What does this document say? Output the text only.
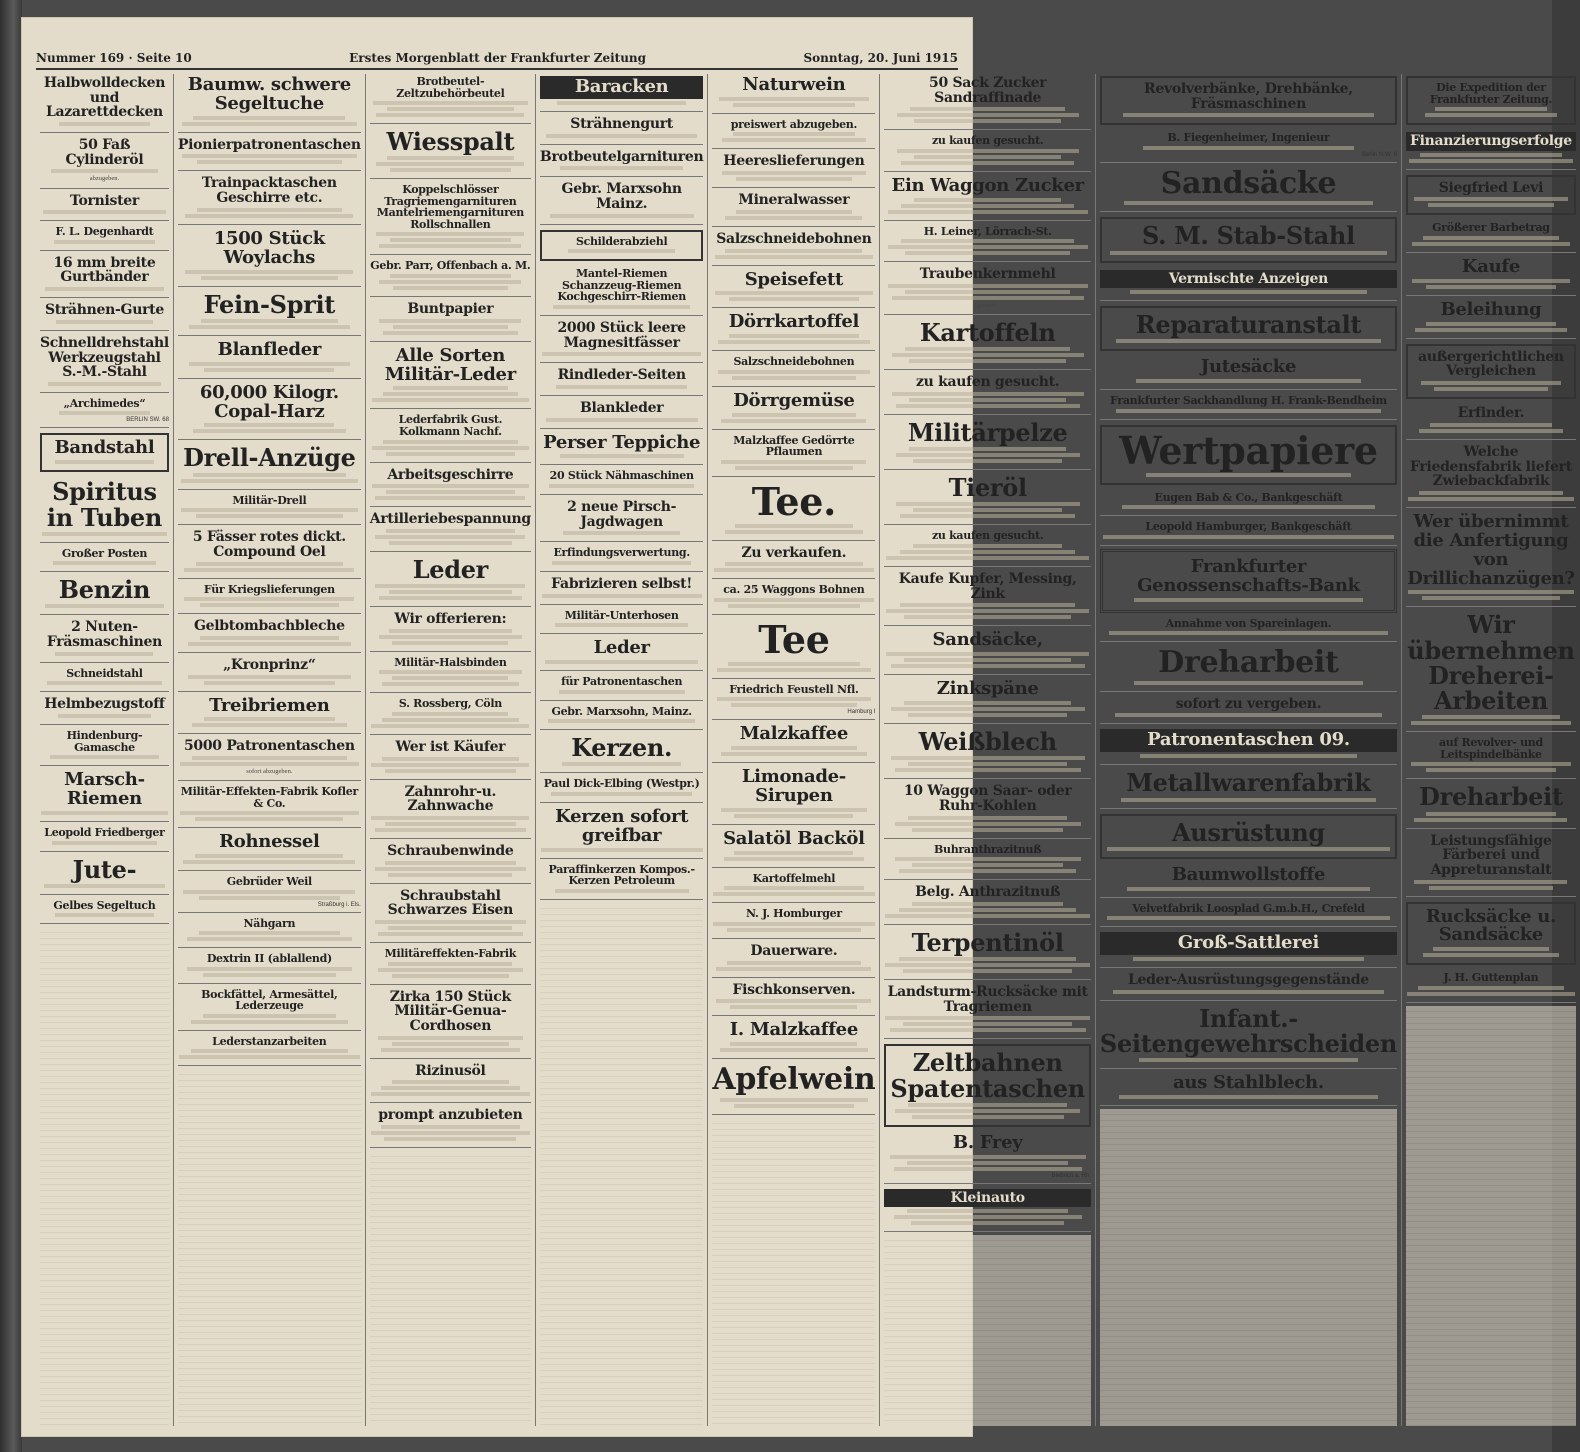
Nummer 169 · Seite 10	Erstes Morgenblatt der Frankfurter Zeitung	Sonntag, 20. Juni 1915
Halbwolldecken und Lazarettdecken
50 Faß Cylinderöl
abzugeben.
Tornister
F. L. Degenhardt
16 mm breite Gurtbänder
Strähnen-Gurte
Schnelldrehstahl Werkzeugstahl S.-M.-Stahl
„Archimedes“
BERLIN SW. 68
Bandstahl
Spiritus in Tuben
Großer Posten
Benzin
2 Nuten-Fräsmaschinen
Schneidstahl
Helmbezugstoff
Hindenburg-Gamasche
Marsch-Riemen
Leopold Friedberger
Jute-
Gelbes Segeltuch
Baumw. schwere Segeltuche
Pionierpatronentaschen
Trainpacktaschen Geschirre etc.
1500 Stück Woylachs
Fein-Sprit
Blanfleder
60,000 Kilogr. Copal-Harz
Drell-Anzüge
Militär-Drell
5 Fässer rotes dickt. Compound Oel
Für Kriegslieferungen
Gelbtombachbleche
„Kronprinz“
Treibriemen
5000 Patronentaschen
sofort abzugeben.
Militär-Effekten-Fabrik Kofler & Co.
Rohnessel
Gebrüder Weil
Straßburg i. Els.
Nähgarn
Dextrin II (ablallend)
Bockfättel, Armesättel, Lederzeuge
Lederstanzarbeiten
Brotbeutel-Zeltzubehörbeutel
Wiesspalt
Koppelschlösser Tragriemengarnituren Mantelriemengarnituren Rollschnallen
Gebr. Parr, Offenbach a. M.
Buntpapier
Alle Sorten Militär-Leder
Lederfabrik Gust. Kolkmann Nachf.
Arbeitsgeschirre
Artilleriebespannung
Leder
Wir offerieren:
Militär-Halsbinden
S. Rossberg, Cöln
Wer ist Käufer
Zahnrohr-u. Zahnwache
Schraubenwinde
Schraubstahl Schwarzes Eisen
Militäreffekten-Fabrik
Zirka 150 Stück Militär-Genua-Cordhosen
Rizinusöl
prompt anzubieten
Baracken
Strähnengurt
Brotbeutelgarnituren
Gebr. Marxsohn Mainz.
Schilderabziehl
Mantel-Riemen Schanzzeug-Riemen Kochgeschirr-Riemen
2000 Stück leere Magnesitfässer
Rindleder-Seiten
Blankleder
Perser Teppiche
20 Stück Nähmaschinen
2 neue Pirsch-Jagdwagen
Erfindungsverwertung.
Fabrizieren selbst!
Militär-Unterhosen
Leder
für Patronentaschen
Gebr. Marxsohn, Mainz.
Kerzen.
Paul Dick-Elbing (Westpr.)
Kerzen sofort greifbar
Paraffinkerzen Kompos.-Kerzen Petroleum
Naturwein
preiswert abzugeben.
Heereslieferungen
Mineralwasser
Salzschneidebohnen
Speisefett
Dörrkartoffel
Salzschneidebohnen
Dörrgemüse
Malzkaffee Gedörrte Pflaumen
Tee.
Zu verkaufen.
ca. 25 Waggons Bohnen
Tee
Friedrich Feustell Nfl.
Hamburg I
Malzkaffee
Limonade-Sirupen
Salatöl Backöl
Kartoffelmehl
N. J. Homburger
Dauerware.
Fischkonserven.
I. Malzkaffee
Apfelwein
50 Sack Zucker Sandraffinade
zu kaufen gesucht.
Ein Waggon Zucker
H. Leiner, Lörrach-St.
Traubenkernmehl
gesucht.
Kartoffeln
zu kaufen gesucht.
Militärpelze
Tieröl
zu kaufen gesucht.
Kaufe Kupfer, Messing, Zink
Sandsäcke,
Zinkspäne
Weißblech
10 Waggon Saar- oder Ruhr-Kohlen
Buhranthrazitnuß
Belg. Anthrazitnuß
Terpentinöl
Landsturm-Rucksäcke mit Tragriemen
Zeltbahnen Spatentaschen
B. Frey
Biebrich a. Rh.
Kleinauto
Revolverbänke, Drehbänke, Fräsmaschinen
B. Fiegenheimer, Ingenieur
Berlin N.W. 6
Sandsäcke
S. M. Stab-Stahl
Vermischte Anzeigen
Reparaturanstalt
Jutesäcke
Frankfurter Sackhandlung H. Frank-Bendheim
Wertpapiere
Eugen Bab & Co., Bankgeschäft
Leopold Hamburger, Bankgeschäft
Frankfurter Genossenschafts-Bank
Annahme von Spareinlagen.
Dreharbeit
sofort zu vergeben.
Patronentaschen 09.
Metallwarenfabrik
Ausrüstung
Baumwollstoffe
Velvetfabrik Loosplad G.m.b.H., Crefeld
Groß-Sattlerei
Leder-Ausrüstungsgegenstände
Infant.-Seitengewehrscheiden
aus Stahlblech.
Die Expedition der Frankfurter Zeitung.
Finanzierungserfolge
Siegfried Levi
Größerer Barbetrag
Kaufe
Beleihung
außergerichtlichen Vergleichen
Erfinder.
Welche Friedensfabrik liefert Zwiebackfabrik
Wer übernimmt die Anfertigung von Drillichanzügen?
Wir übernehmen Dreherei-Arbeiten
auf Revolver- und Leitspindelbänke
Dreharbeit
Leistungsfähige Färberei und Appreturanstalt
Rucksäcke u. Sandsäcke
J. H. Guttenplan
